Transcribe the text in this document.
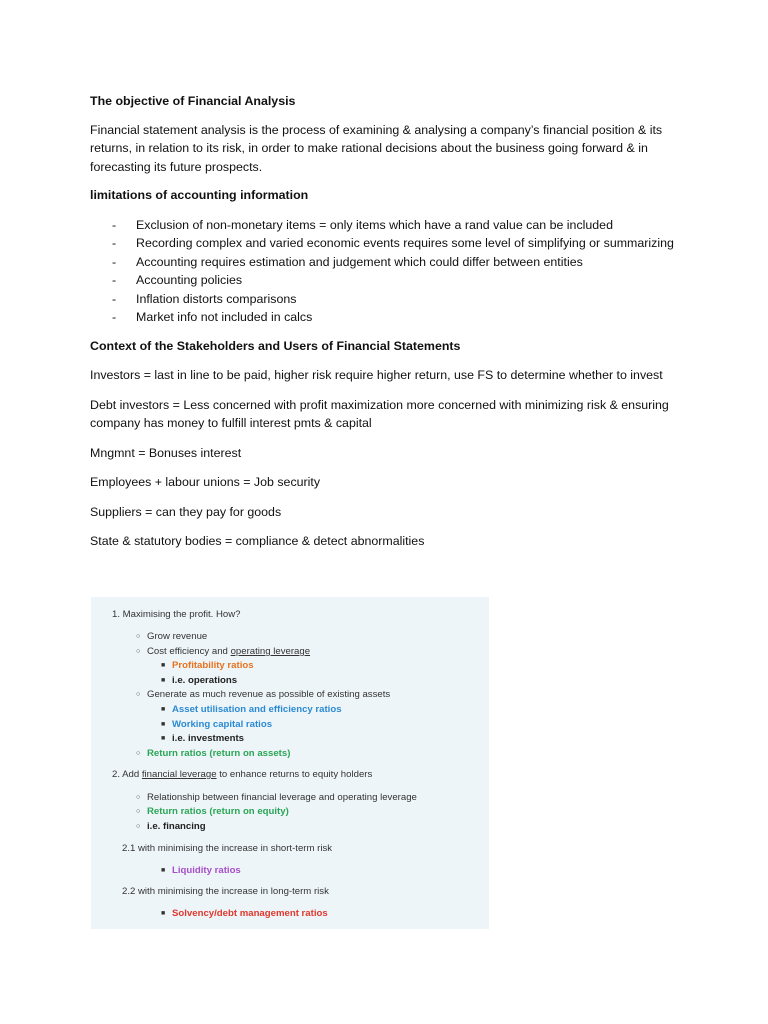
The objective of Financial Analysis

Financial statement analysis is the process of examining & analysing a company’s financial position & its returns, in relation to its risk, in order to make rational decisions about the business going forward & in forecasting its future prospects.

limitations of accounting information

- Exclusion of non-monetary items = only items which have a rand value can be included
- Recording complex and varied economic events requires some level of simplifying or summarizing
- Accounting requires estimation and judgement which could differ between entities
- Accounting policies
- Inflation distorts comparisons
- Market info not included in calcs

Context of the Stakeholders and Users of Financial Statements

Investors = last in line to be paid, higher risk require higher return, use FS to determine whether to invest

Debt investors = Less concerned with profit maximization more concerned with minimizing risk & ensuring company has money to fulfill interest pmts & capital

Mngmnt = Bonuses interest

Employees + labour unions = Job security

Suppliers = can they pay for goods

State & statutory bodies = compliance & detect abnormalities

1. Maximising the profit. How?
○ Grow revenue
○ Cost efficiency and operating leverage
■ Profitability ratios
■ i.e. operations
○ Generate as much revenue as possible of existing assets
■ Asset utilisation and efficiency ratios
■ Working capital ratios
■ i.e. investments
○ Return ratios (return on assets)
2. Add financial leverage to enhance returns to equity holders
○ Relationship between financial leverage and operating leverage
○ Return ratios (return on equity)
○ i.e. financing
2.1 with minimising the increase in short-term risk
■ Liquidity ratios
2.2 with minimising the increase in long-term risk
■ Solvency/debt management ratios
